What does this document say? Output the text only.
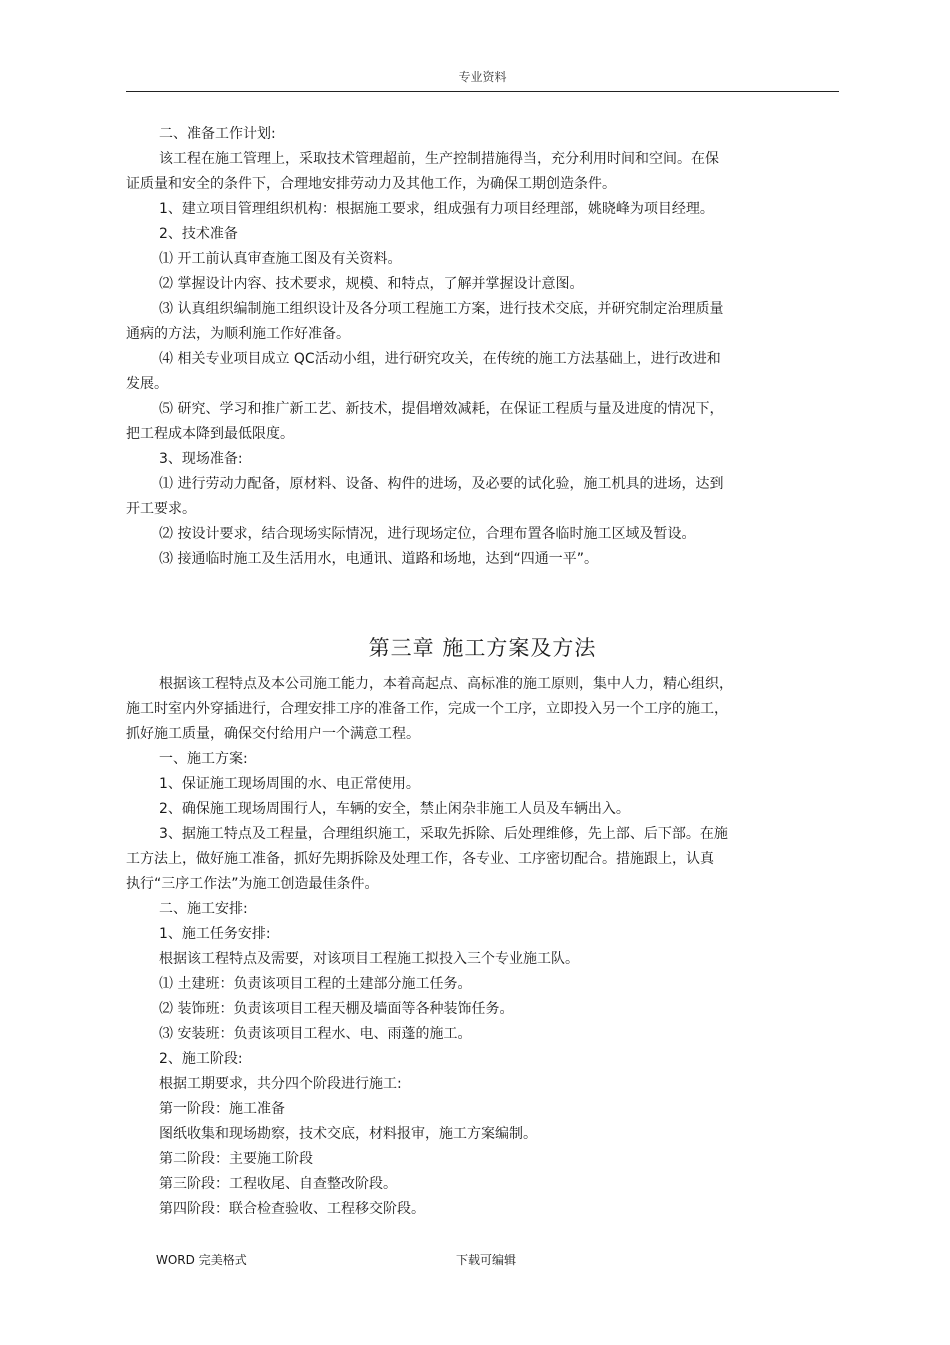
专业资料

二、准备工作计划:

该工程在施工管理上，采取技术管理超前，生产控制措施得当，充分利用时间和空间。在保

证质量和安全的条件下，合理地安排劳动力及其他工作，为确保工期创造条件。

1、建立项目管理组织机构：根据施工要求，组成强有力项目经理部，姚晓峰为项目经理。

2、技术准备

⑴ 开工前认真审查施工图及有关资料。

⑵ 掌握设计内容、技术要求，规模、和特点，了解并掌握设计意图。

⑶ 认真组织编制施工组织设计及各分项工程施工方案，进行技术交底，并研究制定治理质量

通病的方法，为顺利施工作好准备。

⑷ 相关专业项目成立 QC活动小组，进行研究攻关，在传统的施工方法基础上，进行改进和

发展。

⑸ 研究、学习和推广新工艺、新技术，提倡增效减耗，在保证工程质与量及进度的情况下，

把工程成本降到最低限度。

3、现场准备:

⑴ 进行劳动力配备，原材料、设备、构件的进场，及必要的试化验，施工机具的进场，达到

开工要求。

⑵ 按设计要求，结合现场实际情况，进行现场定位，合理布置各临时施工区域及暂设。

⑶ 接通临时施工及生活用水，电通讯、道路和场地，达到“四通一平”。

第三章 施工方案及方法

根据该工程特点及本公司施工能力，本着高起点、高标准的施工原则，集中人力，精心组织，

施工时室内外穿插进行，合理安排工序的准备工作，完成一个工序，立即投入另一个工序的施工，

抓好施工质量，确保交付给用户一个满意工程。

一、施工方案:

1、保证施工现场周围的水、电正常使用。

2、确保施工现场周围行人，车辆的安全，禁止闲杂非施工人员及车辆出入。

3、据施工特点及工程量，合理组织施工，采取先拆除、后处理维修，先上部、后下部。在施

工方法上，做好施工准备，抓好先期拆除及处理工作，各专业、工序密切配合。措施跟上，认真

执行“三序工作法”为施工创造最佳条件。

二、施工安排:

1、施工任务安排:

根据该工程特点及需要，对该项目工程施工拟投入三个专业施工队。

⑴ 土建班：负责该项目工程的土建部分施工任务。

⑵ 装饰班：负责该项目工程天棚及墙面等各种装饰任务。

⑶ 安装班：负责该项目工程水、电、雨蓬的施工。

2、施工阶段:

根据工期要求，共分四个阶段进行施工:

第一阶段：施工准备

图纸收集和现场勘察，技术交底，材料报审，施工方案编制。

第二阶段：主要施工阶段

第三阶段：工程收尾、自查整改阶段。

第四阶段：联合检查验收、工程移交阶段。

WORD 完美格式	下载可编辑
